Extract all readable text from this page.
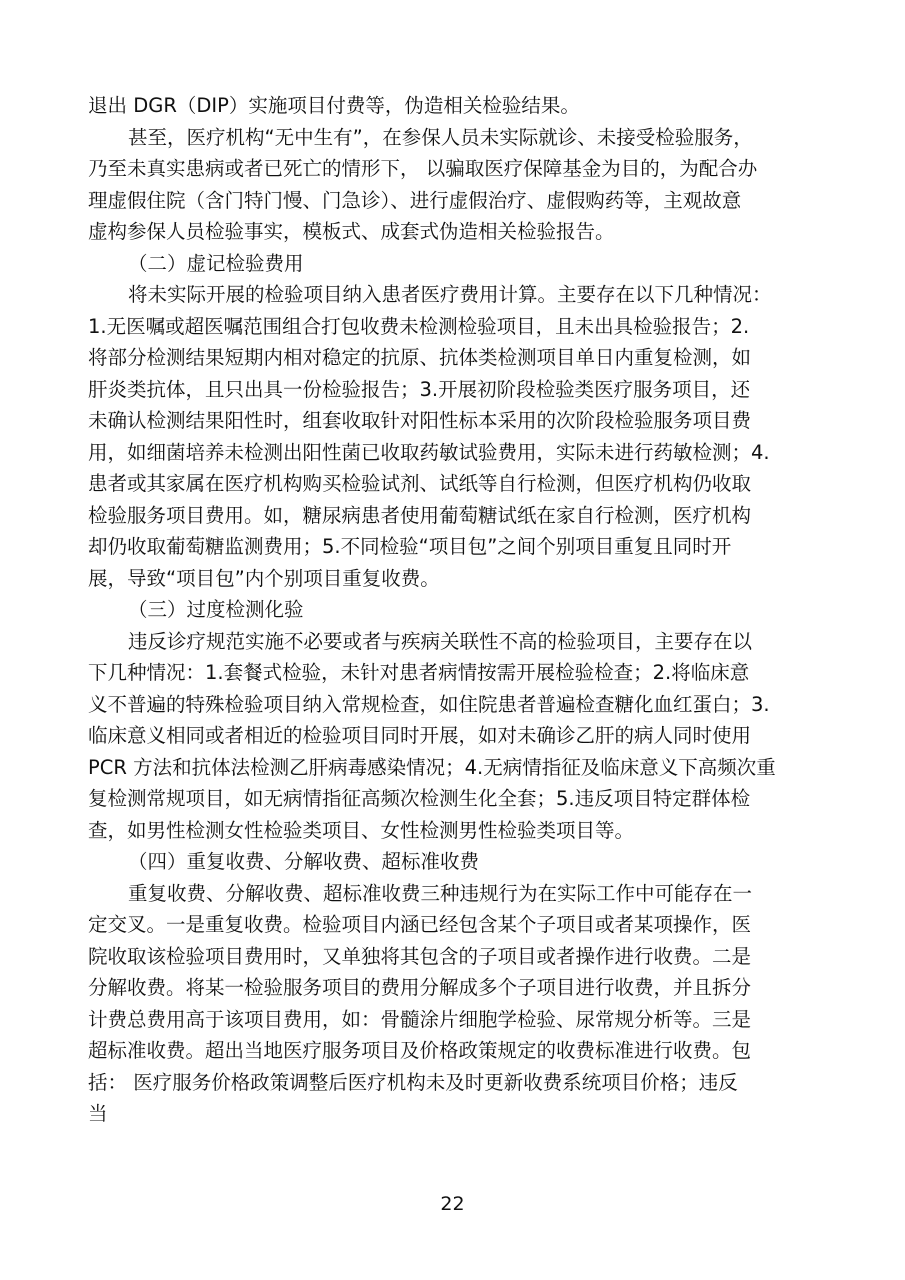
退出 DGR（DIP）实施项目付费等，伪造相关检验结果。
甚至，医疗机构“无中生有”，在参保人员未实际就诊、未接受检验服务，
乃至未真实患病或者已死亡的情形下， 以骗取医疗保障基金为目的，为配合办
理虚假住院（含门特门慢、门急诊）、进行虚假治疗、虚假购药等，主观故意
虚构参保人员检验事实，模板式、成套式伪造相关检验报告。
（二）虚记检验费用
将未实际开展的检验项目纳入患者医疗费用计算。主要存在以下几种情况：
1.无医嘱或超医嘱范围组合打包收费未检测检验项目，且未出具检验报告；2.
将部分检测结果短期内相对稳定的抗原、抗体类检测项目单日内重复检测，如
肝炎类抗体，且只出具一份检验报告；3.开展初阶段检验类医疗服务项目，还
未确认检测结果阳性时，组套收取针对阳性标本采用的次阶段检验服务项目费
用，如细菌培养未检测出阳性菌已收取药敏试验费用，实际未进行药敏检测；4.
患者或其家属在医疗机构购买检验试剂、试纸等自行检测，但医疗机构仍收取
检验服务项目费用。如，糖尿病患者使用葡萄糖试纸在家自行检测，医疗机构
却仍收取葡萄糖监测费用；5.不同检验“项目包”之间个别项目重复且同时开
展，导致“项目包”内个别项目重复收费。
（三）过度检测化验
违反诊疗规范实施不必要或者与疾病关联性不高的检验项目，主要存在以
下几种情况：1.套餐式检验，未针对患者病情按需开展检验检查；2.将临床意
义不普遍的特殊检验项目纳入常规检查，如住院患者普遍检查糖化血红蛋白；3.
临床意义相同或者相近的检验项目同时开展，如对未确诊乙肝的病人同时使用
PCR 方法和抗体法检测乙肝病毒感染情况；4.无病情指征及临床意义下高频次重
复检测常规项目，如无病情指征高频次检测生化全套；5.违反项目特定群体检
查，如男性检测女性检验类项目、女性检测男性检验类项目等。
（四）重复收费、分解收费、超标准收费
重复收费、分解收费、超标准收费三种违规行为在实际工作中可能存在一
定交叉。一是重复收费。检验项目内涵已经包含某个子项目或者某项操作，医
院收取该检验项目费用时，又单独将其包含的子项目或者操作进行收费。二是
分解收费。将某一检验服务项目的费用分解成多个子项目进行收费，并且拆分
计费总费用高于该项目费用，如：骨髓涂片细胞学检验、尿常规分析等。三是
超标准收费。超出当地医疗服务项目及价格政策规定的收费标准进行收费。包
括： 医疗服务价格政策调整后医疗机构未及时更新收费系统项目价格；违反
当
22
